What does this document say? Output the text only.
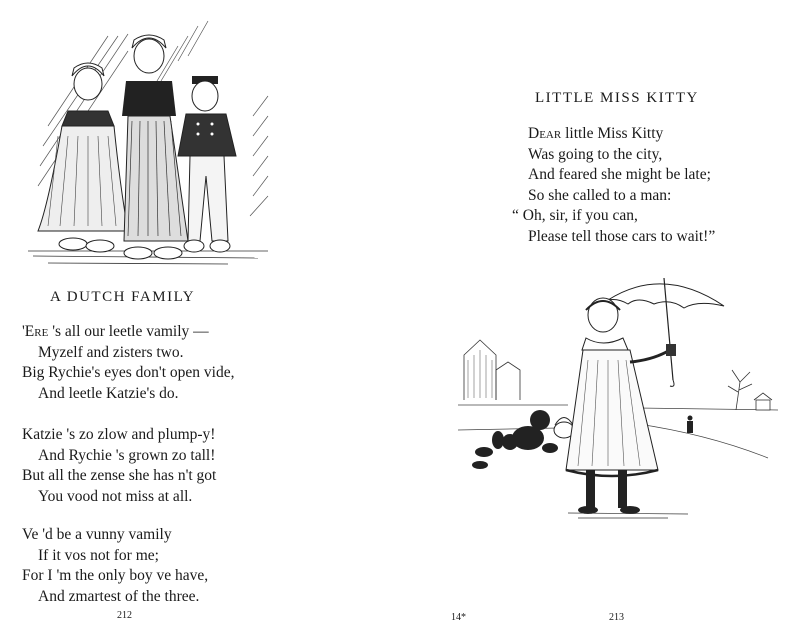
A DUTCH FAMILY
'Ere 's all our leetle vamily —
Myzelf and zisters two.
Big Rychie's eyes don't open vide,
And leetle Katzie's do.
Katzie 's zo zlow and plump-y!
And Rychie 's grown zo tall!
But all the zense she has n't got
You vood not miss at all.
Ve 'd be a vunny vamily
If it vos not for me;
For I 'm the only boy ve have,
And zmartest of the three.
212	14*
LITTLE MISS KITTY
Dear little Miss Kitty
Was going to the city,
And feared she might be late;
So she called to a man:
“ Oh, sir, if you can,
Please tell those cars to wait!”
213
